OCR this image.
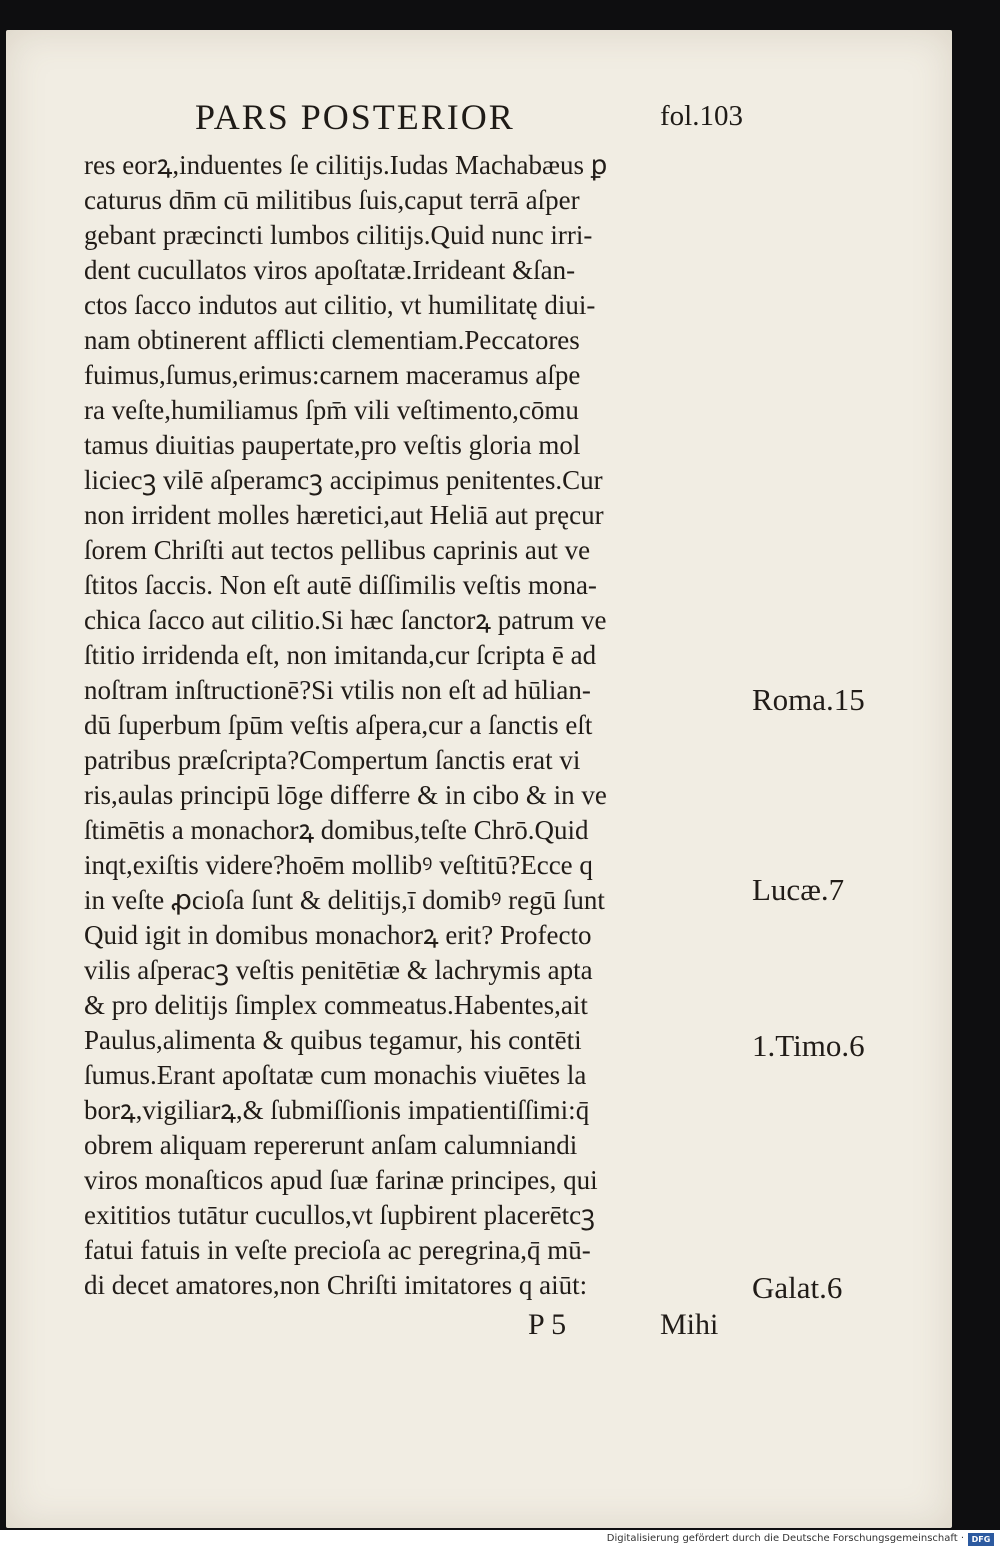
PARS POSTERIOR	fol.103
res eorꝝ,induentes ſe cilitijs.Iudas Machabæus ꝑ
caturus dn̄m cū militibus ſuis,caput terrā aſper
gebant præcincti lumbos cilitijs.Quid nunc irri-
dent cucullatos viros apoſtatæ.Irrideant &ſan-
ctos ſacco indutos aut cilitio, vt humilitatę diui-
nam obtinerent afflicti clementiam.Peccatores
fuimus,ſumus,erimus:carnem maceramus aſpe
ra veſte,humiliamus ſpm̄ vili veſtimento,cōmu
tamus diuitias paupertate,pro veſtis gloria mol
liciecꝫ vilē aſperamcꝫ accipimus penitentes.Cur
non irrident molles hæretici,aut Heliā aut pręcur
ſorem Chriſti aut tectos pellibus caprinis aut ve
ſtitos ſaccis. Non eſt autē diſſimilis veſtis mona-
chica ſacco aut cilitio.Si hæc ſanctorꝝ patrum ve
ſtitio irridenda eſt, non imitanda,cur ſcripta ē ad
noſtram inſtructionē?Si vtilis non eſt ad hūlian-
dū ſuperbum ſpūm veſtis aſpera,cur a ſanctis eſt
patribus præſcripta?Compertum ſanctis erat vi
ris,aulas principū lōge differre & in cibo & in ve
ſtimētis a monachorꝝ domibus,teſte Chrō.Quid
inqt,exiſtis videre?hoēm mollibꝰ veſtitū?Ecce q
in veſte ꝓcioſa ſunt & delitijs,ī domibꝰ regū ſunt
Quid igit in domibus monachorꝝ erit? Profecto
vilis aſperacꝫ veſtis penitētiæ & lachrymis apta
& pro delitijs ſimplex commeatus.Habentes,ait
Paulus,alimenta & quibus tegamur, his contēti
ſumus.Erant apoſtatæ cum monachis viuētes la
borꝝ,vigiliarꝝ,& ſubmiſſionis impatientiſſimi:q̄
obrem aliquam repererunt anſam calumniandi
viros monaſticos apud ſuæ farinæ principes, qui
exititios tutātur cucullos,vt ſupbirent placerētcꝫ
fatui fatuis in veſte precioſa ac peregrina,q̄ mū-
di decet amatores,non Chriſti imitatores q aiūt:
Roma.15
Lucæ.7
1.Timo.6
Galat.6
P 5	Mihi
Digitalisierung gefördert durch die Deutsche Forschungsgemeinschaft · DFG
